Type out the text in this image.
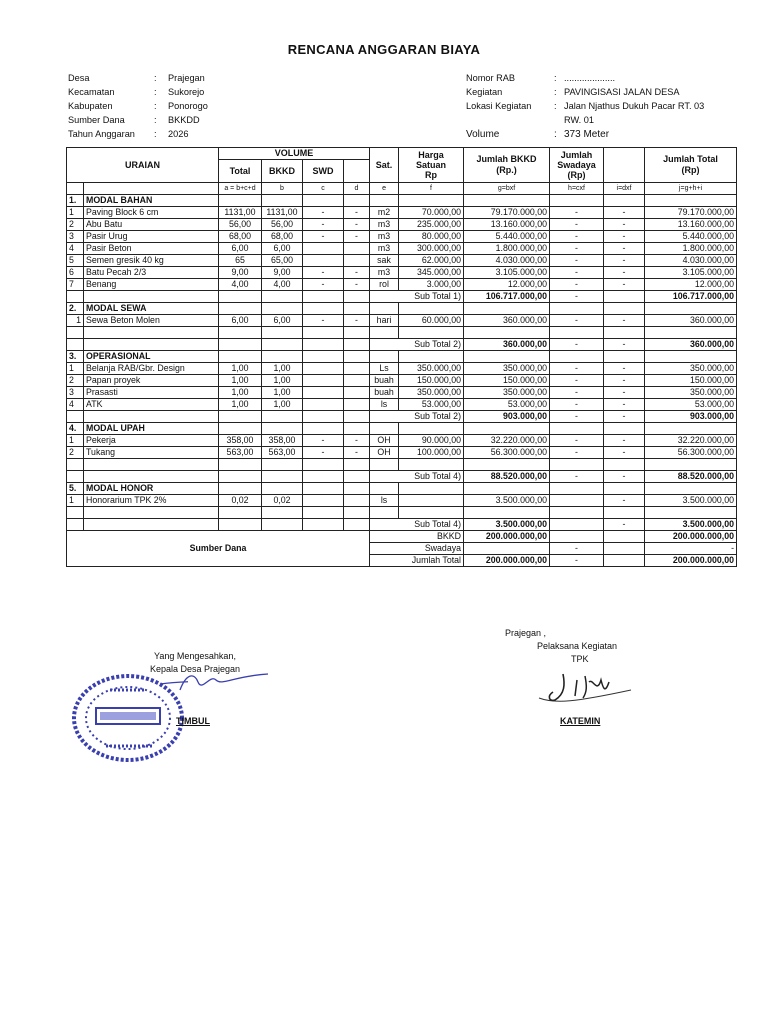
RENCANA ANGGARAN BIAYA
Desa	: Prajegan
Kecamatan	: Sukorejo
Kabupaten	: Ponorogo
Sumber Dana	: BKKDD
Tahun Anggaran : 2026
Nomor RAB	: ....................
Kegiatan	: PAVINGISASI JALAN DESA
Lokasi Kegiatan : Jalan Njathus Dukuh Pacar RT. 03
RW. 01
Volume	: 373 Meter
URAIAN		VOLUME				Sat.	Harga
Satuan
Rp	Jumlah BKKD
(Rp.)	Jumlah
Swadaya
(Rp)		Jumlah Total
(Rp)
		Total	BKKD	SWD							
		a = b+c+d	b	c	d	e	f	g=bxf	h=cxf	i=dxf	j=g+h+i
1.	MODAL BAHAN										
1	Paving Block 6 cm	1131,00	1131,00	-	-	m2	70.000,00	79.170.000,00	-	-	79.170.000,00
2	Abu Batu	56,00	56,00	-	-	m3	235.000,00	13.160.000,00	-	-	13.160.000,00
3	Pasir Urug	68,00	68,00	-	-	m3	80.000,00	5.440.000,00	-	-	5.440.000,00
4	Pasir Beton	6,00	6,00			m3	300.000,00	1.800.000,00	-	-	1.800.000,00
5	Semen gresik 40 kg	65	65,00			sak	62.000,00	4.030.000,00	-	-	4.030.000,00
6	Batu Pecah 2/3	9,00	9,00	-	-	m3	345.000,00	3.105.000,00	-	-	3.105.000,00
7	Benang	4,00	4,00	-	-	rol	3.000,00	12.000,00	-	-	12.000,00
						Sub Total 1)		106.717.000,00	-		106.717.000,00
2.	MODAL SEWA										
1	Sewa Beton Molen	6,00	6,00	-	-	hari	60.000,00	360.000,00	-	-	360.000,00

						Sub Total 2)		360.000,00	-	-	360.000,00
3.	OPERASIONAL										
1	Belanja RAB/Gbr. Design	1,00	1,00			Ls	350.000,00	350.000,00	-	-	350.000,00
2	Papan proyek	1,00	1,00			buah	150.000,00	150.000,00	-	-	150.000,00
3	Prasasti	1,00	1,00			buah	350.000,00	350.000,00	-	-	350.000,00
4	ATK	1,00	1,00			ls	53.000,00	53.000,00	-	-	53.000,00
						Sub Total 2)		903.000,00	-	-	903.000,00
4.	MODAL UPAH										
1	Pekerja	358,00	358,00	-	-	OH	90.000,00	32.220.000,00	-	-	32.220.000,00
2	Tukang	563,00	563,00	-	-	OH	100.000,00	56.300.000,00	-	-	56.300.000,00

						Sub Total 4)		88.520.000,00	-	-	88.520.000,00
5.	MODAL HONOR										
1	Honorarium TPK 2%	0,02	0,02			ls		3.500.000,00		-	3.500.000,00

						Sub Total 4)		3.500.000,00		-	3.500.000,00
Sumber Dana						BKKD		200.000.000,00			200.000.000,00
						Swadaya			-		-
						Jumlah Total		200.000.000,00	-		200.000.000,00
Yang Mengesahkan,
Kepala Desa Prajegan
TIMBUL
Prajegan ,
Pelaksana Kegiatan
TPK
KATEMIN
